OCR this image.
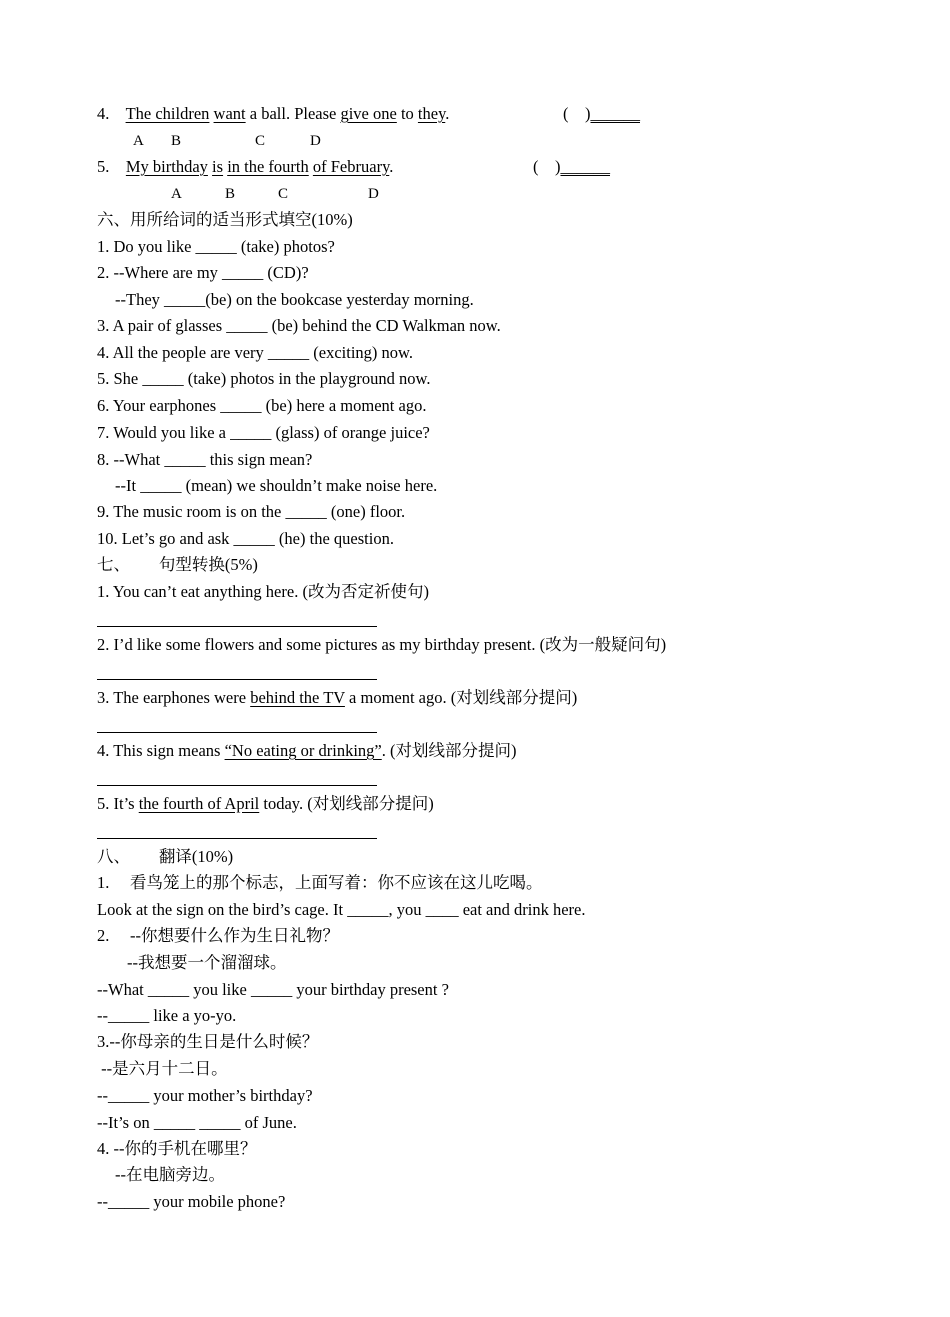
4. The children want a ball. Please give one to they.	(    )______
A B	C	D
5. My birthday is in the fourth of February.	(    )______
A	B	C	D
六、用所给词的适当形式填空(10%)
1. Do you like _____ (take) photos?
2. --Where are my _____ (CD)?
--They _____(be) on the bookcase yesterday morning.
3. A pair of glasses _____ (be) behind the CD Walkman now.
4. All the people are very _____ (exciting) now.
5. She _____ (take) photos in the playground now.
6. Your earphones _____ (be) here a moment ago.
7. Would you like a _____ (glass) of orange juice?
8. --What _____ this sign mean?
--It _____ (mean) we shouldn’t make noise here.
9. The music room is on the _____ (one) floor.
10. Let’s go and ask _____ (he) the question.
七、       句型转换(5%)
1. You can’t eat anything here. (改为否定祈使句)
2. I’d like some flowers and some pictures as my birthday present. (改为一般疑问句)
3. The earphones were behind the TV a moment ago. (对划线部分提问)
4. This sign means “No eating or drinking”. (对划线部分提问)
5. It’s the fourth of April today. (对划线部分提问)
八、       翻译(10%)
1.     看鸟笼上的那个标志，上面写着：你不应该在这儿吃喝。
Look at the sign on the bird’s cage. It _____, you ____ eat and drink here.
2.     --你想要什么作为生日礼物？
--我想要一个溜溜球。
--What _____ you like _____ your birthday present ?
--_____ like a yo-yo.
3.--你母亲的生日是什么时候？
--是六月十二日。
--_____ your mother’s birthday?
--It’s on _____ _____ of June.
4. --你的手机在哪里？
--在电脑旁边。
--_____ your mobile phone?
